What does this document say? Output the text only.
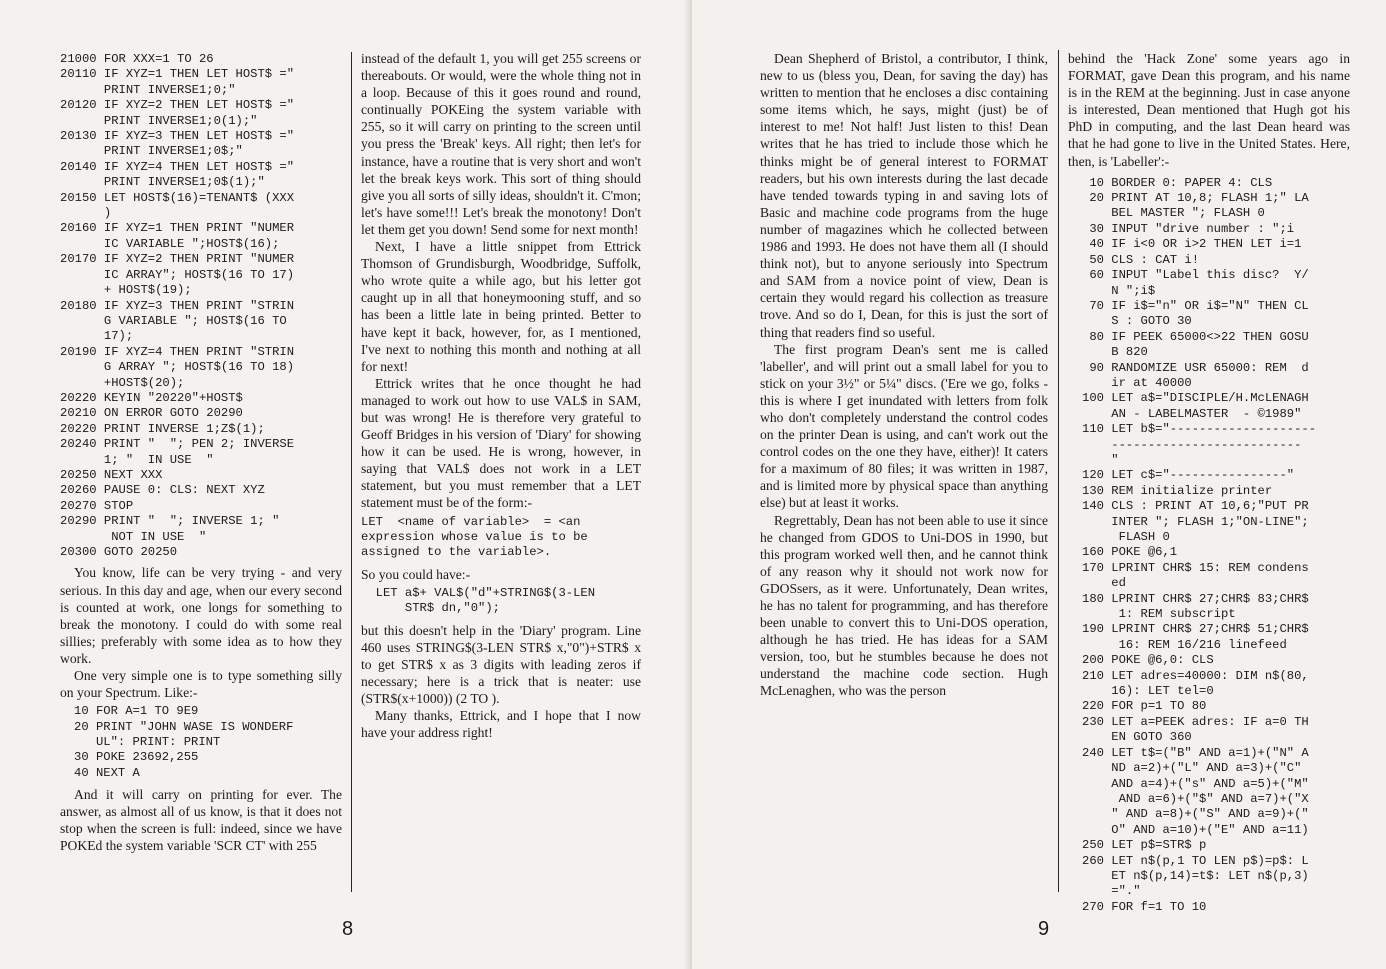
21000 FOR XXX=1 TO 26
20110 IF XYZ=1 THEN LET HOST$ ="
PRINT INVERSE1;0;"
20120 IF XYZ=2 THEN LET HOST$ ="
PRINT INVERSE1;0(1);"
20130 IF XYZ=3 THEN LET HOST$ ="
PRINT INVERSE1;0$;"
20140 IF XYZ=4 THEN LET HOST$ ="
PRINT INVERSE1;0$(1);"
20150 LET HOST$(16)=TENANT$ (XXX
)
20160 IF XYZ=1 THEN PRINT "NUMER
IC VARIABLE ";HOST$(16);
20170 IF XYZ=2 THEN PRINT "NUMER
IC ARRAY"; HOST$(16 TO 17)
+ HOST$(19);
20180 IF XYZ=3 THEN PRINT "STRIN
G VARIABLE "; HOST$(16 TO
17);
20190 IF XYZ=4 THEN PRINT "STRIN
G ARRAY "; HOST$(16 TO 18)
+HOST$(20);
20220 KEYIN "20220"+HOST$
20210 ON ERROR GOTO 20290
20220 PRINT INVERSE 1;Z$(1);
20240 PRINT "  "; PEN 2; INVERSE
1; "  IN USE  "
20250 NEXT XXX
20260 PAUSE 0: CLS: NEXT XYZ
20270 STOP
20290 PRINT "  "; INVERSE 1; "
NOT IN USE  "
20300 GOTO 20250

You know, life can be very trying - and very serious. In this day and age, when our every second is counted at work, one longs for something to break the monotony. I could do with some real sillies; preferably with some idea as to how they work.

One very simple one is to type something silly on your Spectrum. Like:-

10 FOR A=1 TO 9E9
20 PRINT "JOHN WASE IS WONDERF
UL": PRINT: PRINT
30 POKE 23692,255
40 NEXT A

And it will carry on printing for ever. The answer, as almost all of us know, is that it does not stop when the screen is full: indeed, since we have POKEd the system variable 'SCR CT' with 255

instead of the default 1, you will get 255 screens or thereabouts. Or would, were the whole thing not in a loop. Because of this it goes round and round, continually POKEing the system variable with 255, so it will carry on printing to the screen until you press the 'Break' keys. All right; then let's for instance, have a routine that is very short and won't let the break keys work. This sort of thing should give you all sorts of silly ideas, shouldn't it. C'mon; let's have some!!! Let's break the monotony! Don't let them get you down! Send some for next month!

Next, I have a little snippet from Ettrick Thomson of Grundisburgh, Woodbridge, Suffolk, who wrote quite a while ago, but his letter got caught up in all that honeymooning stuff, and so has been a little late in being printed. Better to have kept it back, however, for, as I mentioned, I've next to nothing this month and nothing at all for next!

Ettrick writes that he once thought he had managed to work out how to use VAL$ in SAM, but was wrong! He is therefore very grateful to Geoff Bridges in his version of 'Diary' for showing how it can be used. He is wrong, however, in saying that VAL$ does not work in a LET statement, but you must remember that a LET statement must be of the form:-

LET  <name of variable>  = <an
expression whose value is to be
assigned to the variable>.

So you could have:-

LET a$+ VAL$("d"+STRING$(3-LEN
STR$ dn,"0");

but this doesn't help in the 'Diary' program. Line 460 uses STRING$(3-LEN STR$ x,"0")+STR$ x to get STR$ x as 3 digits with leading zeros if necessary; here is a trick that is neater: use (STR$(x+1000)) (2 TO ).

Many thanks, Ettrick, and I hope that I now have your address right!

8

Dean Shepherd of Bristol, a contributor, I think, new to us (bless you, Dean, for saving the day) has written to mention that he encloses a disc containing some items which, he says, might (just) be of interest to me! Not half! Just listen to this! Dean writes that he has tried to include those which he thinks might be of general interest to FORMAT readers, but his own interests during the last decade have tended towards typing in and saving lots of Basic and machine code programs from the huge number of magazines which he collected between 1986 and 1993. He does not have them all (I should think not), but to anyone seriously into Spectrum and SAM from a novice point of view, Dean is certain they would regard his collection as treasure trove. And so do I, Dean, for this is just the sort of thing that readers find so useful.

The first program Dean's sent me is called 'labeller', and will print out a small label for you to stick on your 3½" or 5¼" discs. ('Ere we go, folks - this is where I get inundated with letters from folk who don't completely understand the control codes on the printer Dean is using, and can't work out the control codes on the one they have, either)! It caters for a maximum of 80 files; it was written in 1987, and is limited more by physical space than anything else) but at least it works.

Regrettably, Dean has not been able to use it since he changed from GDOS to Uni-DOS in 1990, but this program worked well then, and he cannot think of any reason why it should not work now for GDOSsers, as it were. Unfortunately, Dean writes, he has no talent for programming, and has therefore been unable to convert this to Uni-DOS operation, although he has tried. He has ideas for a SAM version, too, but he stumbles because he does not understand the machine code section. Hugh McLenaghen, who was the person

behind the 'Hack Zone' some years ago in FORMAT, gave Dean this program, and his name is in the REM at the beginning. Just in case anyone is interested, Dean mentioned that Hugh got his PhD in computing, and the last Dean heard was that he had gone to live in the United States. Here, then, is 'Labeller':-

10 BORDER 0: PAPER 4: CLS
20 PRINT AT 10,8; FLASH 1;" LA
BEL MASTER "; FLASH 0
30 INPUT "drive number : ";i
40 IF i<0 OR i>2 THEN LET i=1
50 CLS : CAT i!
60 INPUT "Label this disc?  Y/
N ";i$
70 IF i$="n" OR i$="N" THEN CL
S : GOTO 30
80 IF PEEK 65000<>22 THEN GOSU
B 820
90 RANDOMIZE USR 65000: REM  d
ir at 40000
100 LET a$="DISCIPLE/H.McLENAGH
AN - LABELMASTER  - ©1989"
110 LET b$="--------------------
--------------------------
"
120 LET c$="----------------"
130 REM initialize printer
140 CLS : PRINT AT 10,6;"PUT PR
INTER "; FLASH 1;"ON-LINE";
FLASH 0
160 POKE @6,1
170 LPRINT CHR$ 15: REM condens
ed
180 LPRINT CHR$ 27;CHR$ 83;CHR$
1: REM subscript
190 LPRINT CHR$ 27;CHR$ 51;CHR$
16: REM 16/216 linefeed
200 POKE @6,0: CLS
210 LET adres=40000: DIM n$(80,
16): LET tel=0
220 FOR p=1 TO 80
230 LET a=PEEK adres: IF a=0 TH
EN GOTO 360
240 LET t$=("B" AND a=1)+("N" A
ND a=2)+("L" AND a=3)+("C"
AND a=4)+("s" AND a=5)+("M"
AND a=6)+("$" AND a=7)+("X
" AND a=8)+("S" AND a=9)+("
O" AND a=10)+("E" AND a=11)
250 LET p$=STR$ p
260 LET n$(p,1 TO LEN p$)=p$: L
ET n$(p,14)=t$: LET n$(p,3)
="."
270 FOR f=1 TO 10
9
